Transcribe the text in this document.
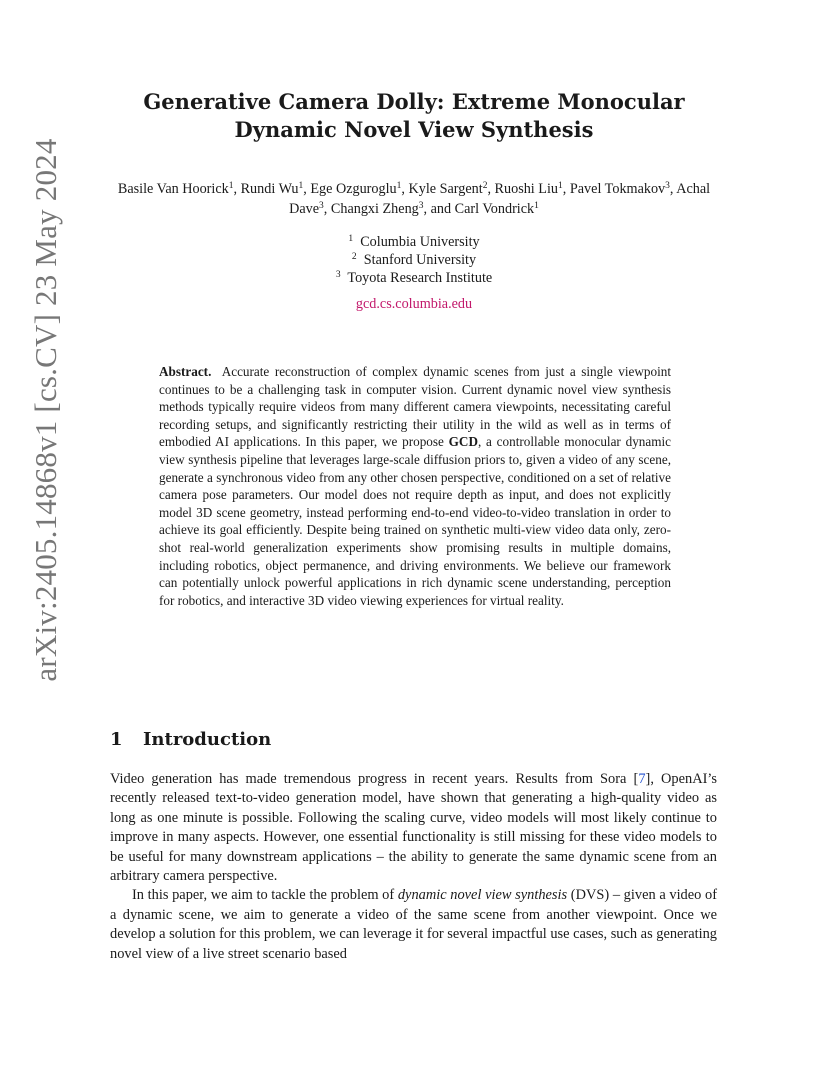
arXiv:2405.14868v1 [cs.CV] 23 May 2024
Generative Camera Dolly: Extreme Monocular
Dynamic Novel View Synthesis
Basile Van Hoorick$^1$, Rundi Wu$^1$, Ege Ozguroglu$^1$, Kyle Sargent$^2$, Ruoshi Liu$^1$, Pavel Tokmakov$^3$, Achal Dave$^3$, Changxi Zheng$^3$, and Carl Vondrick$^1$
$^1$ Columbia University
$^2$ Stanford University
$^3$ Toyota Research Institute
gcd.cs.columbia.edu
Abstract. Accurate reconstruction of complex dynamic scenes from just a single viewpoint continues to be a challenging task in computer vision. Current dynamic novel view synthesis methods typically require videos from many different camera viewpoints, necessitating careful recording setups, and significantly restricting their utility in the wild as well as in terms of embodied AI applications. In this paper, we propose GCD, a controllable monocular dynamic view synthesis pipeline that leverages large-scale diffusion priors to, given a video of any scene, generate a synchronous video from any other chosen perspective, conditioned on a set of relative camera pose parameters. Our model does not require depth as input, and does not explicitly model 3D scene geometry, instead performing end-to-end video-to-video translation in order to achieve its goal efficiently. Despite being trained on synthetic multi-view video data only, zero-shot real-world generalization experiments show promising results in multiple domains, including robotics, object permanence, and driving environments. We believe our framework can potentially unlock powerful applications in rich dynamic scene understanding, perception for robotics, and interactive 3D video viewing experiences for virtual reality.
1 Introduction

Video generation has made tremendous progress in recent years. Results from Sora [7], OpenAI’s recently released text-to-video generation model, have shown that generating a high-quality video as long as one minute is possible. Following the scaling curve, video models will most likely continue to improve in many aspects. However, one essential functionality is still missing for these video models to be useful for many downstream applications – the ability to generate the same dynamic scene from an arbitrary camera perspective.

In this paper, we aim to tackle the problem of dynamic novel view synthesis (DVS) – given a video of a dynamic scene, we aim to generate a video of the same scene from another viewpoint. Once we develop a solution for this problem, we can leverage it for several impactful use cases, such as generating novel view of a live street scenario based
